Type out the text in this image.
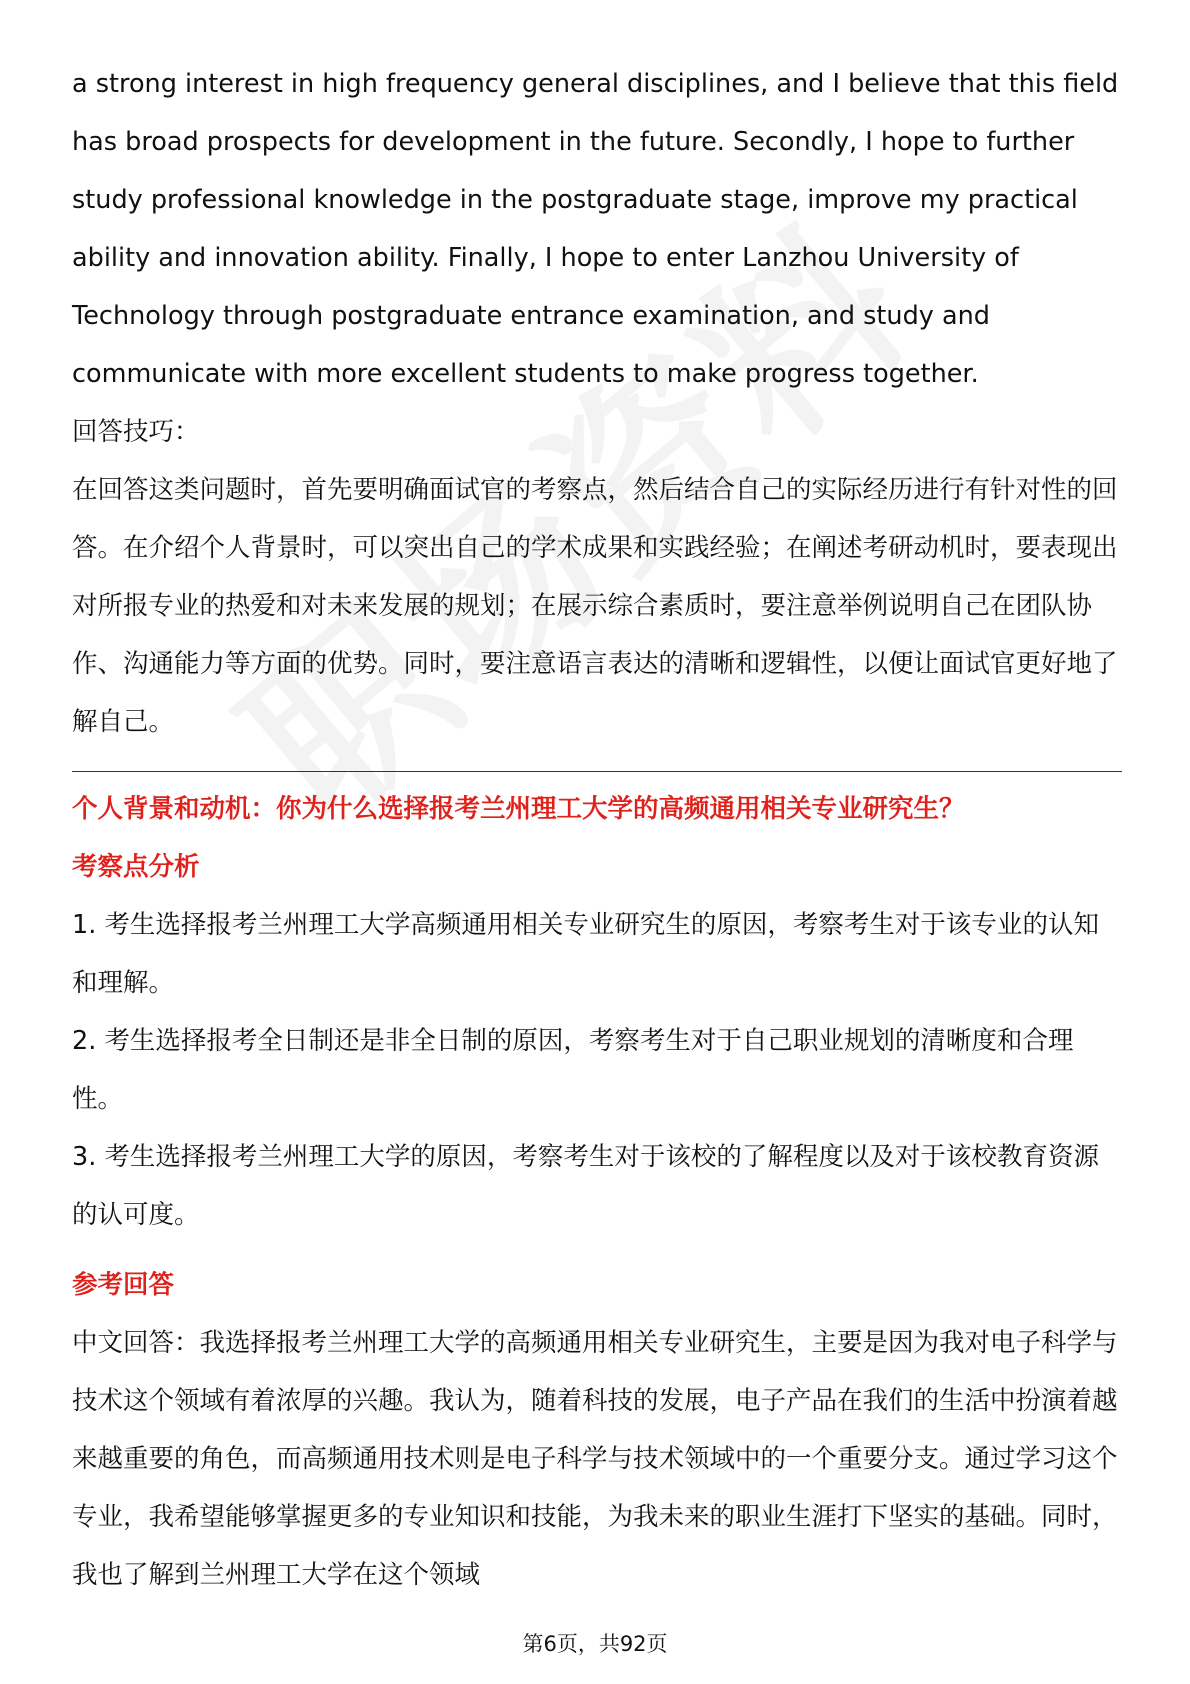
a strong interest in high frequency general disciplines, and I believe that this field has broad prospects for development in the future. Secondly, I hope to further study professional knowledge in the postgraduate stage, improve my practical ability and innovation ability. Finally, I hope to enter Lanzhou University of Technology through postgraduate entrance examination, and study and communicate with more excellent students to make progress together.
回答技巧：
在回答这类问题时，首先要明确面试官的考察点，然后结合自己的实际经历进行有针对性的回答。在介绍个人背景时，可以突出自己的学术成果和实践经验；在阐述考研动机时，要表现出对所报专业的热爱和对未来发展的规划；在展示综合素质时，要注意举例说明自己在团队协作、沟通能力等方面的优势。同时，要注意语言表达的清晰和逻辑性，以便让面试官更好地了解自己。
个人背景和动机：你为什么选择报考兰州理工大学的高频通用相关专业研究生？
考察点分析
1. 考生选择报考兰州理工大学高频通用相关专业研究生的原因，考察考生对于该专业的认知和理解。
2. 考生选择报考全日制还是非全日制的原因，考察考生对于自己职业规划的清晰度和合理性。
3. 考生选择报考兰州理工大学的原因，考察考生对于该校的了解程度以及对于该校教育资源的认可度。
参考回答
中文回答：我选择报考兰州理工大学的高频通用相关专业研究生，主要是因为我对电子科学与技术这个领域有着浓厚的兴趣。我认为，随着科技的发展，电子产品在我们的生活中扮演着越来越重要的角色，而高频通用技术则是电子科学与技术领域中的一个重要分支。通过学习这个专业，我希望能够掌握更多的专业知识和技能，为我未来的职业生涯打下坚实的基础。同时，我也了解到兰州理工大学在这个领域
第6页，共92页
